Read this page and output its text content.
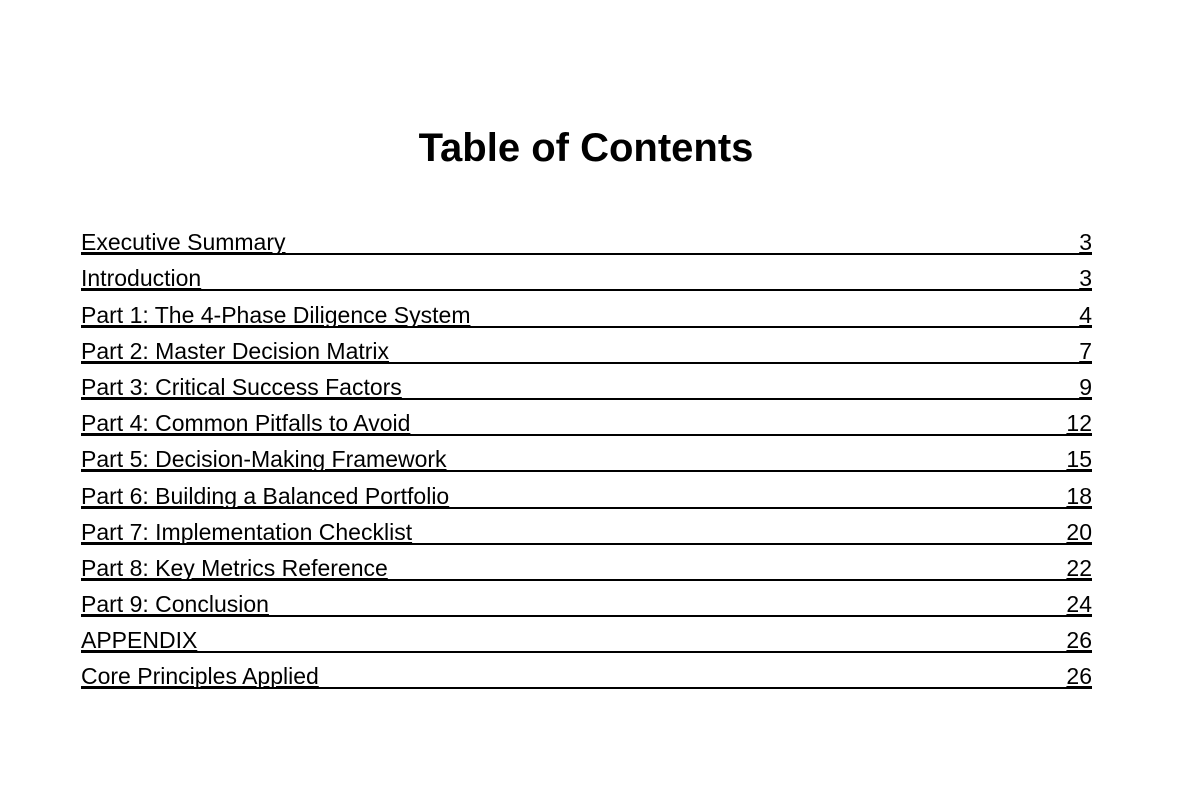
Table of Contents
Executive Summary	3
Introduction	3
Part 1: The 4-Phase Diligence System	4
Part 2: Master Decision Matrix	7
Part 3: Critical Success Factors	9
Part 4: Common Pitfalls to Avoid	12
Part 5: Decision-Making Framework	15
Part 6: Building a Balanced Portfolio	18
Part 7: Implementation Checklist	20
Part 8: Key Metrics Reference	22
Part 9: Conclusion	24
APPENDIX	26
Core Principles Applied	26
